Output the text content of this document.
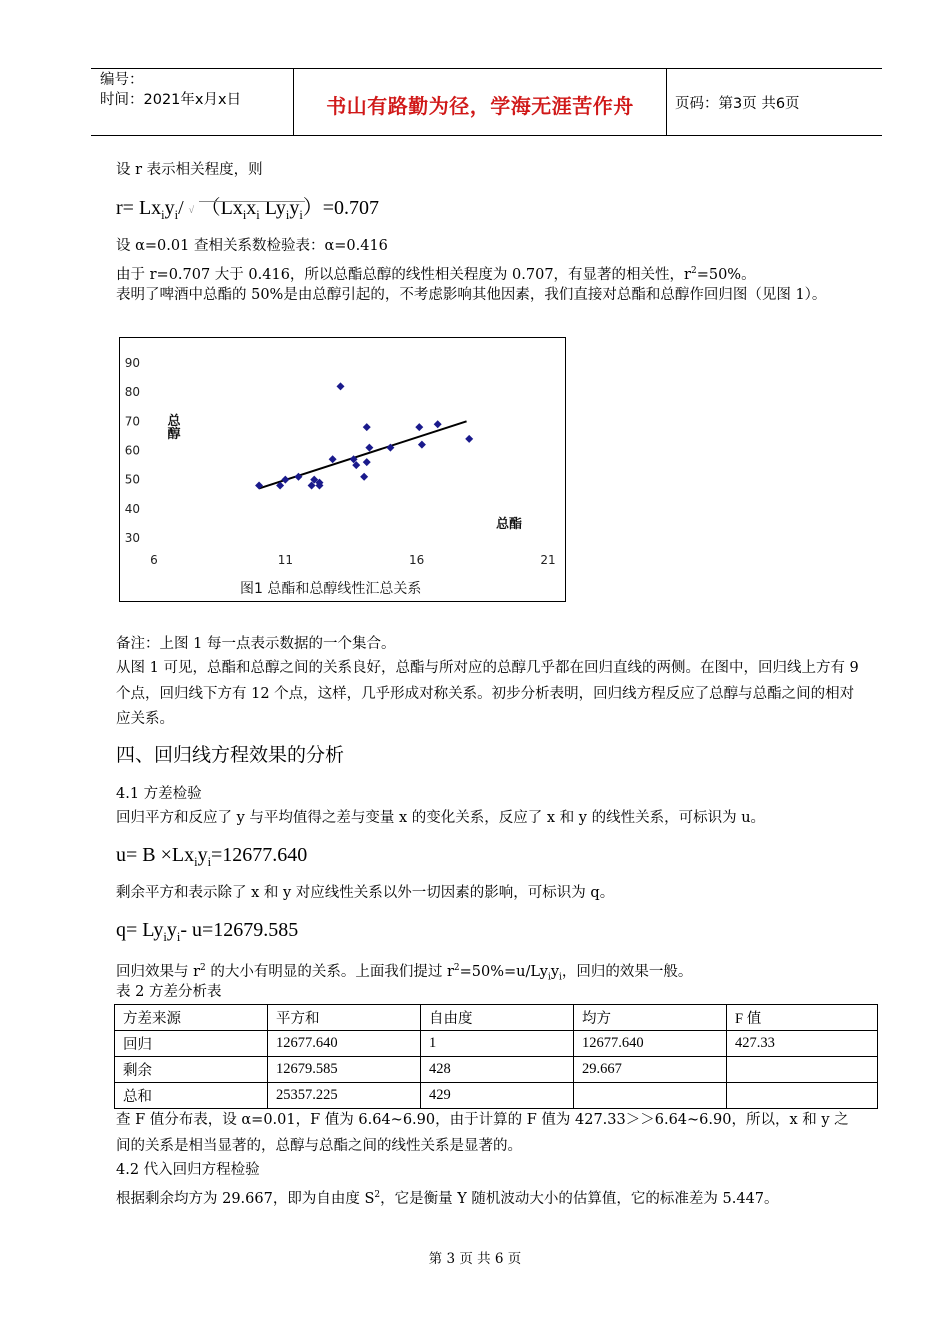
编号：
时间：2021年x月x日	书山有路勤为径，学海无涯苦作舟	页码：第3页 共6页
设 r 表示相关程度，则
$r= Lx_iy_i/$
√ （$Lx_ix_i$ $Ly_iy_i)=0.707$
设 α=0.01 查相关系数检验表：α=0.416
由于 r=0.707 大于 0.416，所以总酯总醇的线性相关程度为 0.707，有显著的相关性，$r^2=50\%$。
表明了啤酒中总酯的 50%是由总醇引起的，不考虑影响其他因素，我们直接对总酯和总醇作回归图（见图 1）。
90
80
70
60
50
40
30
6	11	16	21
总醇
总酯
图1 总酯和总醇线性汇总关系
备注：上图 1 每一点表示数据的一个集合。
从图 1 可见，总酯和总醇之间的关系良好，总酯与所对应的总醇几乎都在回归直线的两侧。在图中，回归线上方有 9 个点，回归线下方有 12 个点，这样，几乎形成对称关系。初步分析表明，回归线方程反应了总醇与总酯之间的相对应关系。
四、回归线方程效果的分析
4.1 方差检验
回归平方和反应了 y 与平均值得之差与变量 x 的变化关系，反应了 x 和 y 的线性关系，可标识为 u。
$u= B \times Lx_iy_i=12677.640$
剩余平方和表示除了 x 和 y 对应线性关系以外一切因素的影响，可标识为 q。
$q= Ly_iy_i-$ u=12679.585
回归效果与 $r^2$ 的大小有明显的关系。上面我们提过 $r^2=50\%=u/Ly_iy_i$，回归的效果一般。
表 2 方差分析表
方差来源	平方和	自由度	均方	F 值
回归	12677.640	1	12677.640	427.33
剩余	12679.585	428	29.667	
总和	25357.225	429		
查 F 值分布表，设 α=0.01，F 值为 6.64~6.90，由于计算的 F 值为 427.33＞＞6.64~6.90，所以，x 和 y 之间的关系是相当显著的，总醇与总酯之间的线性关系是显著的。
4.2 代入回归方程检验
根据剩余均方为 29.667，即为自由度 $S^2$，它是衡量 Y 随机波动大小的估算值，它的标准差为 5.447。
第 3 页 共 6 页
